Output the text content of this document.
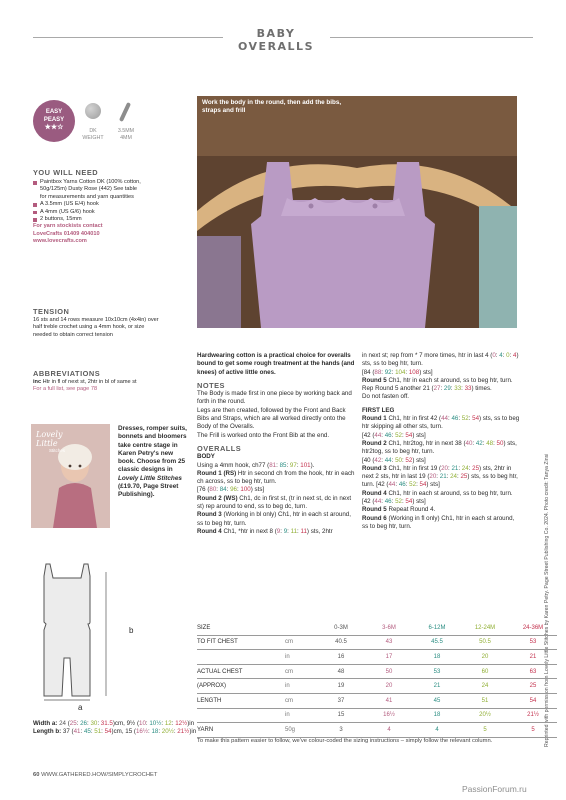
BABY OVERALLS
EASY
PEASY
★★☆	DK
WEIGHT
3.5MM
4MM
YOU WILL NEED
Paintbox Yarns Cotton DK (100% cotton, 50g/125m) Dusty Rose (442) See table for measurements and yarn quantities
A 3.5mm (US E/4) hook
A 4mm (US G/6) hook
2 buttons, 15mm
For yarn stockists contact LoveCrafts 01409 404010 www.lovecrafts.com
TENSION
16 sts and 14 rows measure 10x10cm (4x4in) over half treble crochet using a 4mm hook, or size needed to obtain correct tension
ABBREVIATIONS
inc Htr in fl of next st, 2htr in bl of same st
For a full list, see page 78
Lovely
Little
Stitches
Dresses, romper suits, bonnets and bloomers take centre stage in Karen Petry's new book. Choose from 25 classic designs in Lovely Little Stitches (£19.70, Page Street Publishing).
b
a
Width a: 24 (25: 26: 30: 31.5)cm, 9½ (10: 10½: 12: 12½)in
Length b: 37 (41: 45: 51: 54)cm, 15 (16½: 18: 20½: 21½)in
Work the body in the round, then add the bibs, straps and frill
Hardwearing cotton is a practical choice for overalls bound to get some rough treatment at the hands (and knees) of active little ones.
NOTES
The Body is made first in one piece by working back and forth in the round.
Legs are then created, followed by the Front and Back Bibs and Straps, which are all worked directly onto the Body of the Overalls.
The Frill is worked onto the Front Bib at the end.
OVERALLS
BODY
Using a 4mm hook, ch77 (81: 85: 97: 101).
Round 1 (RS) Htr in second ch from the hook, htr in each ch across, ss to beg htr, turn.
[76 (80: 84: 96: 100) sts]
Round 2 (WS) Ch1, dc in first st, (tr in next st, dc in next st) rep around to end, ss to beg dc, turn.
Round 3 (Working in bl only) Ch1, htr in each st around, ss to beg htr, turn.
Round 4 Ch1, *htr in next 8 (9: 9: 11: 11) sts, 2htr
in next st; rep from * 7 more times, htr in last 4 (0: 4: 0: 4) sts, ss to beg htr, turn.
[84 (88: 92: 104: 108) sts]
Round 5 Ch1, htr in each st around, ss to beg htr, turn.
Rep Round 5 another 21 (27: 29: 33: 33) times.
Do not fasten off.
FIRST LEG
Round 1 Ch1, htr in first 42 (44: 46: 52: 54) sts, ss to beg htr skipping all other sts, turn.
[42 (44: 46: 52: 54) sts]
Round 2 Ch1, htr2tog, htr in next 38 (40: 42: 48: 50) sts, htr2tog, ss to beg htr, turn.
[40 (42: 44: 50: 52) sts]
Round 3 Ch1, htr in first 19 (20: 21: 24: 25) sts, 2htr in next 2 sts, htr in last 19 (20: 21: 24: 25) sts, ss to beg htr, turn. [42 (44: 46: 52: 54) sts]
Round 4 Ch1, htr in each st around, ss to beg htr, turn. [42 (44: 46: 52: 54) sts]
Round 5 Repeat Round 4.
Round 6 (Working in fl only) Ch1, htr in each st around, ss to beg htr, turn.	Reprinted with permission from Lovely Little Stitches by Karen Petry. Page Street Publishing Co. 2024. Photo credit: Tanya Zinsi
SIZE		0-3M	3-6M	6-12M	12-24M	24-36M
TO FIT CHEST	cm	40.5	43	45.5	50.5	53
	in	16	17	18	20	21
ACTUAL CHEST	cm	48	50	53	60	63
(APPROX)	in	19	20	21	24	25
LENGTH	cm	37	41	45	51	54
	in	15	16½	18	20½	21½
YARN	50g	3	4	4	5	5
To make this pattern easier to follow, we've colour-coded the sizing instructions – simply follow the relevant column.
60 WWW.GATHERED.HOW/SIMPLYCROCHET
PassionForum.ru
